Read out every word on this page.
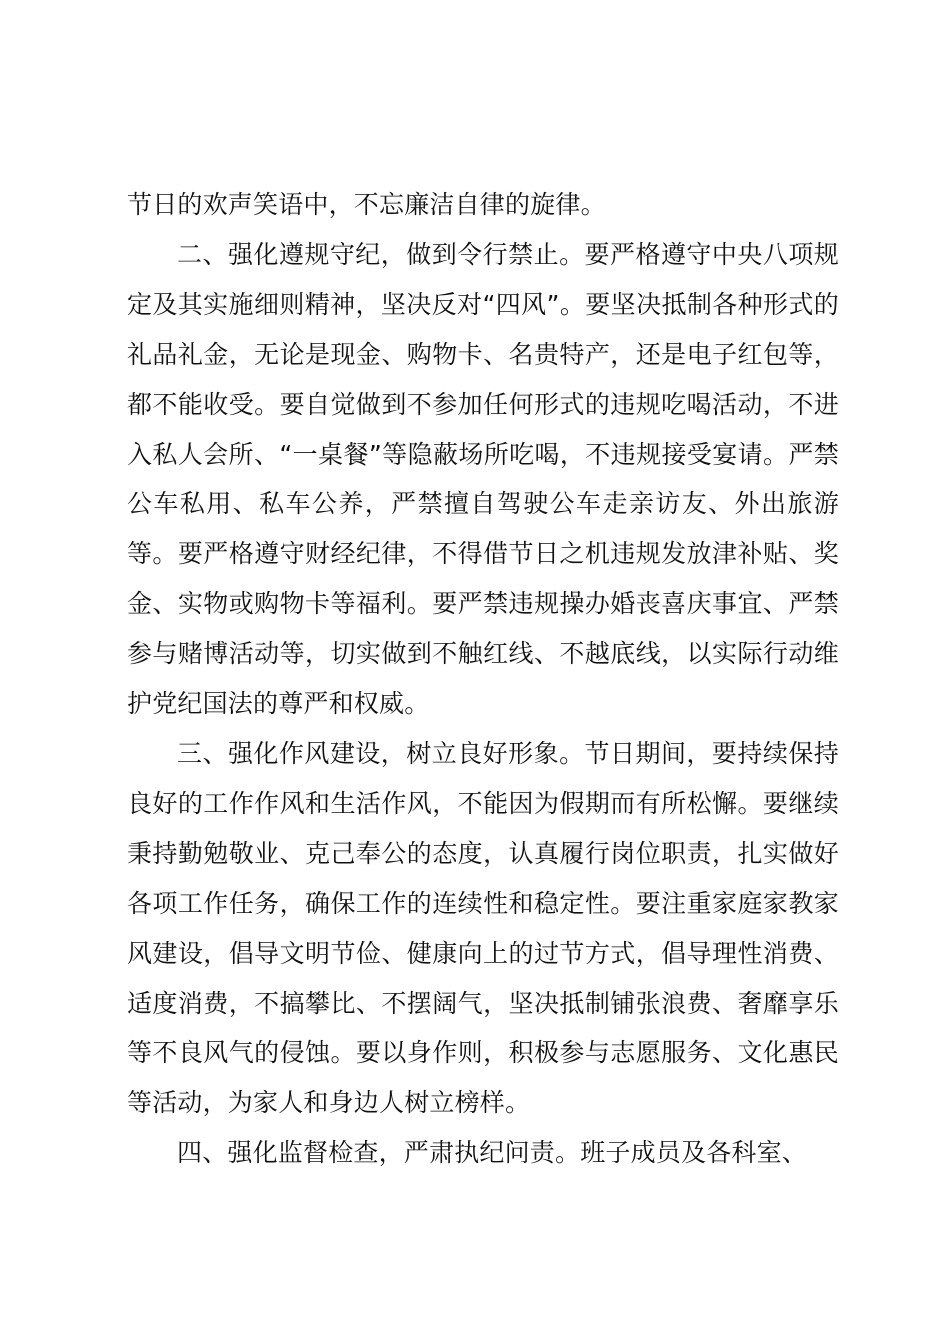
节日的欢声笑语中，不忘廉洁自律的旋律。

二、强化遵规守纪，做到令行禁止。要严格遵守中央八项规定及其实施细则精神，坚决反对“四风”。要坚决抵制各种形式的礼品礼金，无论是现金、购物卡、名贵特产，还是电子红包等，都不能收受。要自觉做到不参加任何形式的违规吃喝活动，不进入私人会所、“一桌餐”等隐蔽场所吃喝，不违规接受宴请。严禁公车私用、私车公养，严禁擅自驾驶公车走亲访友、外出旅游等。要严格遵守财经纪律，不得借节日之机违规发放津补贴、奖金、实物或购物卡等福利。要严禁违规操办婚丧喜庆事宜、严禁参与赌博活动等，切实做到不触红线、不越底线，以实际行动维护党纪国法的尊严和权威。

三、强化作风建设，树立良好形象。节日期间，要持续保持良好的工作作风和生活作风，不能因为假期而有所松懈。要继续秉持勤勉敬业、克己奉公的态度，认真履行岗位职责，扎实做好各项工作任务，确保工作的连续性和稳定性。要注重家庭家教家风建设，倡导文明节俭、健康向上的过节方式，倡导理性消费、适度消费，不搞攀比、不摆阔气，坚决抵制铺张浪费、奢靡享乐等不良风气的侵蚀。要以身作则，积极参与志愿服务、文化惠民等活动，为家人和身边人树立榜样。

四、强化监督检查，严肃执纪问责。班子成员及各科室、
